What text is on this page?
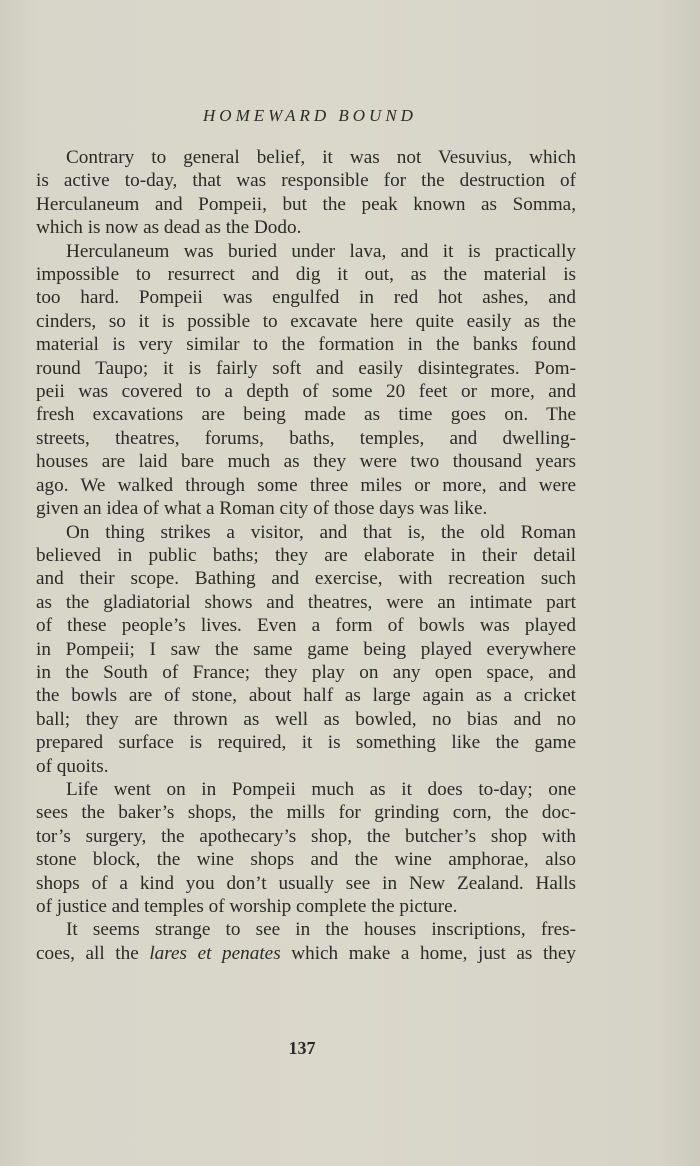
HOMEWARD BOUND
Contrary to general belief, it was not Vesuvius, which
is active to-day, that was responsible for the destruction of
Herculaneum and Pompeii, but the peak known as Somma,
which is now as dead as the Dodo.
Herculaneum was buried under lava, and it is practically
impossible to resurrect and dig it out, as the material is
too hard. Pompeii was engulfed in red hot ashes, and
cinders, so it is possible to excavate here quite easily as the
material is very similar to the formation in the banks found
round Taupo; it is fairly soft and easily disintegrates. Pom-
peii was covered to a depth of some 20 feet or more, and
fresh excavations are being made as time goes on. The
streets, theatres, forums, baths, temples, and dwelling-
houses are laid bare much as they were two thousand years
ago. We walked through some three miles or more, and were
given an idea of what a Roman city of those days was like.
On thing strikes a visitor, and that is, the old Roman
believed in public baths; they are elaborate in their detail
and their scope. Bathing and exercise, with recreation such
as the gladiatorial shows and theatres, were an intimate part
of these people’s lives. Even a form of bowls was played
in Pompeii; I saw the same game being played everywhere
in the South of France; they play on any open space, and
the bowls are of stone, about half as large again as a cricket
ball; they are thrown as well as bowled, no bias and no
prepared surface is required, it is something like the game
of quoits.
Life went on in Pompeii much as it does to-day; one
sees the baker’s shops, the mills for grinding corn, the doc-
tor’s surgery, the apothecary’s shop, the butcher’s shop with
stone block, the wine shops and the wine amphorae, also
shops of a kind you don’t usually see in New Zealand. Halls
of justice and temples of worship complete the picture.
It seems strange to see in the houses inscriptions, fres-
coes, all the lares et penates which make a home, just as they
137
